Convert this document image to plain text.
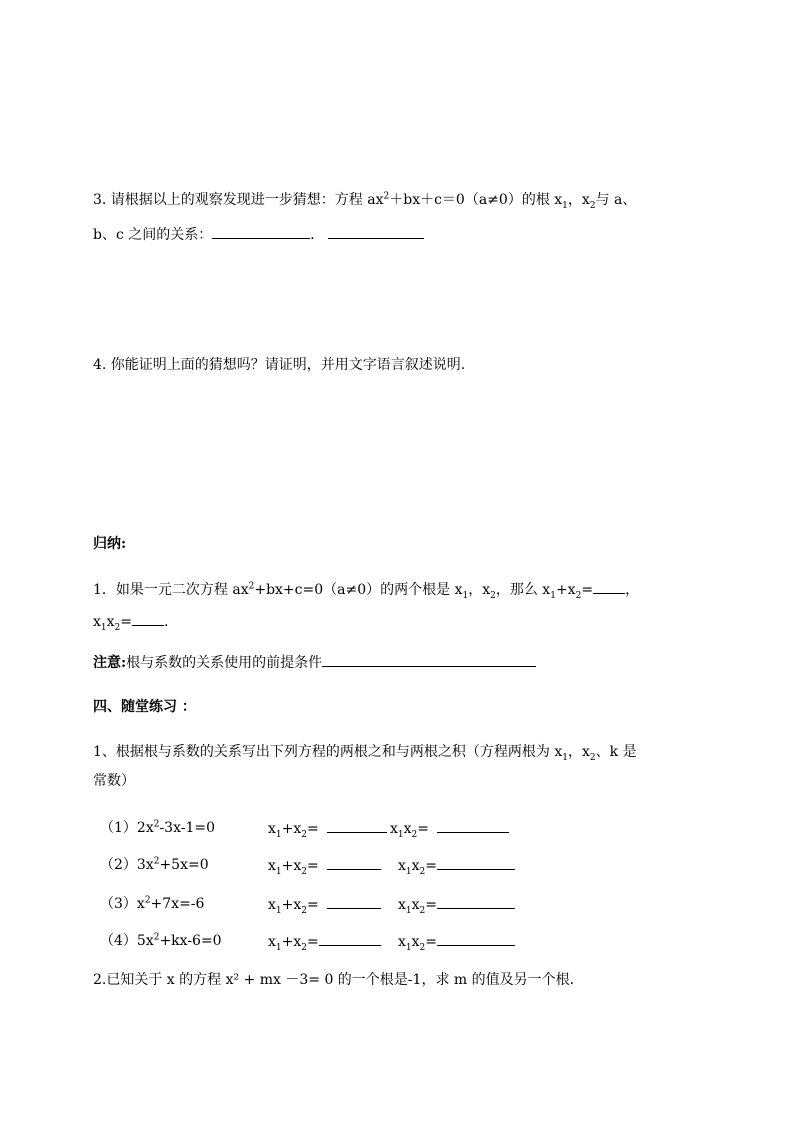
3. 请根据以上的观察发现进一步猜想：方程 $ax^2+bx+c=0(a\ne 0)$的根 $x_1$，$x_2$与 a、
b、c 之间的关系：	．
4. 你能证明上面的猜想吗？请证明，并用文字语言叙述说明.
归纳:
1．如果一元二次方程 $ax^2+bx+c=0(a\ne 0)$的两个根是 $x_1$，$x_2$，那么 $x_1+x_2=$ ，
$x_1x_2=$ .
注意:根与系数的关系使用的前提条件
四、随堂练习 ：
1、根据根与系数的关系写出下列方程的两根之和与两根之积（方程两根为 $x_1$，$x_2$、k 是
常数）
$(1)2x^2-3x-1=0$	$x_1+x_2=$	$x_1x_2=$
$(2)3x^2+5x=0$	$x_1+x_2=$	$x_1x_2=$
$(3)x^2+7x=-6$	$x_1+x_2=$	$x_1x_2=$
$(4)5x^2+kx-6=0$	$x_1+x_2=$	$x_1x_2=$
2.已知关于 x 的方程 x² + mx －3= 0 的一个根是-1，求 m 的值及另一个根.
